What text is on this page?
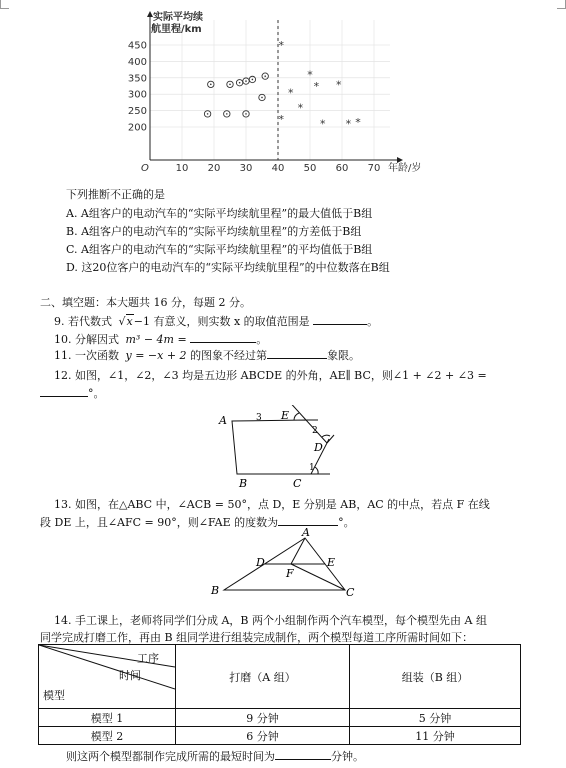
10 20 30 40 50 60 70
200
250
300
350
400
450	*
*
*
*
*
*
*
*
* *
O
实际平均续
航里程/km
年龄/岁
下列推断不正确的是
A. A组客户的电动汽车的“实际平均续航里程”的最大值低于B组
B. A组客户的电动汽车的“实际平均续航里程”的方差低于B组
C. A组客户的电动汽车的“实际平均续航里程”的平均值低于B组
D. 这20位客户的电动汽车的“实际平均续航里程”的中位数落在B组
二、填空题：本大题共 16 分，每题 2 分。
9. 若代数式 √x−1 有意义，则实数 x 的取值范围是	。
10. 分解因式 m³ − 4m =	。
11. 一次函数 y = −x + 2 的图象不经过第	象限。
12. 如图，∠1，∠2，∠3 均是五边形 ABCDE 的外角，AE∥ BC，则∠1 + ∠2 + ∠3 =
°。
A	E
D
B	C
1
2
3
13. 如图，在△ABC 中，∠ACB = 50°，点 D，E 分别是 AB，AC 的中点，若点 F 在线
段 DE 上，且∠AFC = 90°，则∠FAE 的度数为	°。
A
B	C
D	E
F
14. 手工课上，老师将同学们分成 A，B 两个小组制作两个汽车模型，每个模型先由 A 组
同学完成打磨工作，再由 B 组同学进行组装完成制作，两个模型每道工序所需时间如下：
工序
时间
模型	打磨（A 组）	组装（B 组）
模型 1	9 分钟	5 分钟
模型 2	6 分钟	11 分钟
则这两个模型都制作完成所需的最短时间为	分钟。
